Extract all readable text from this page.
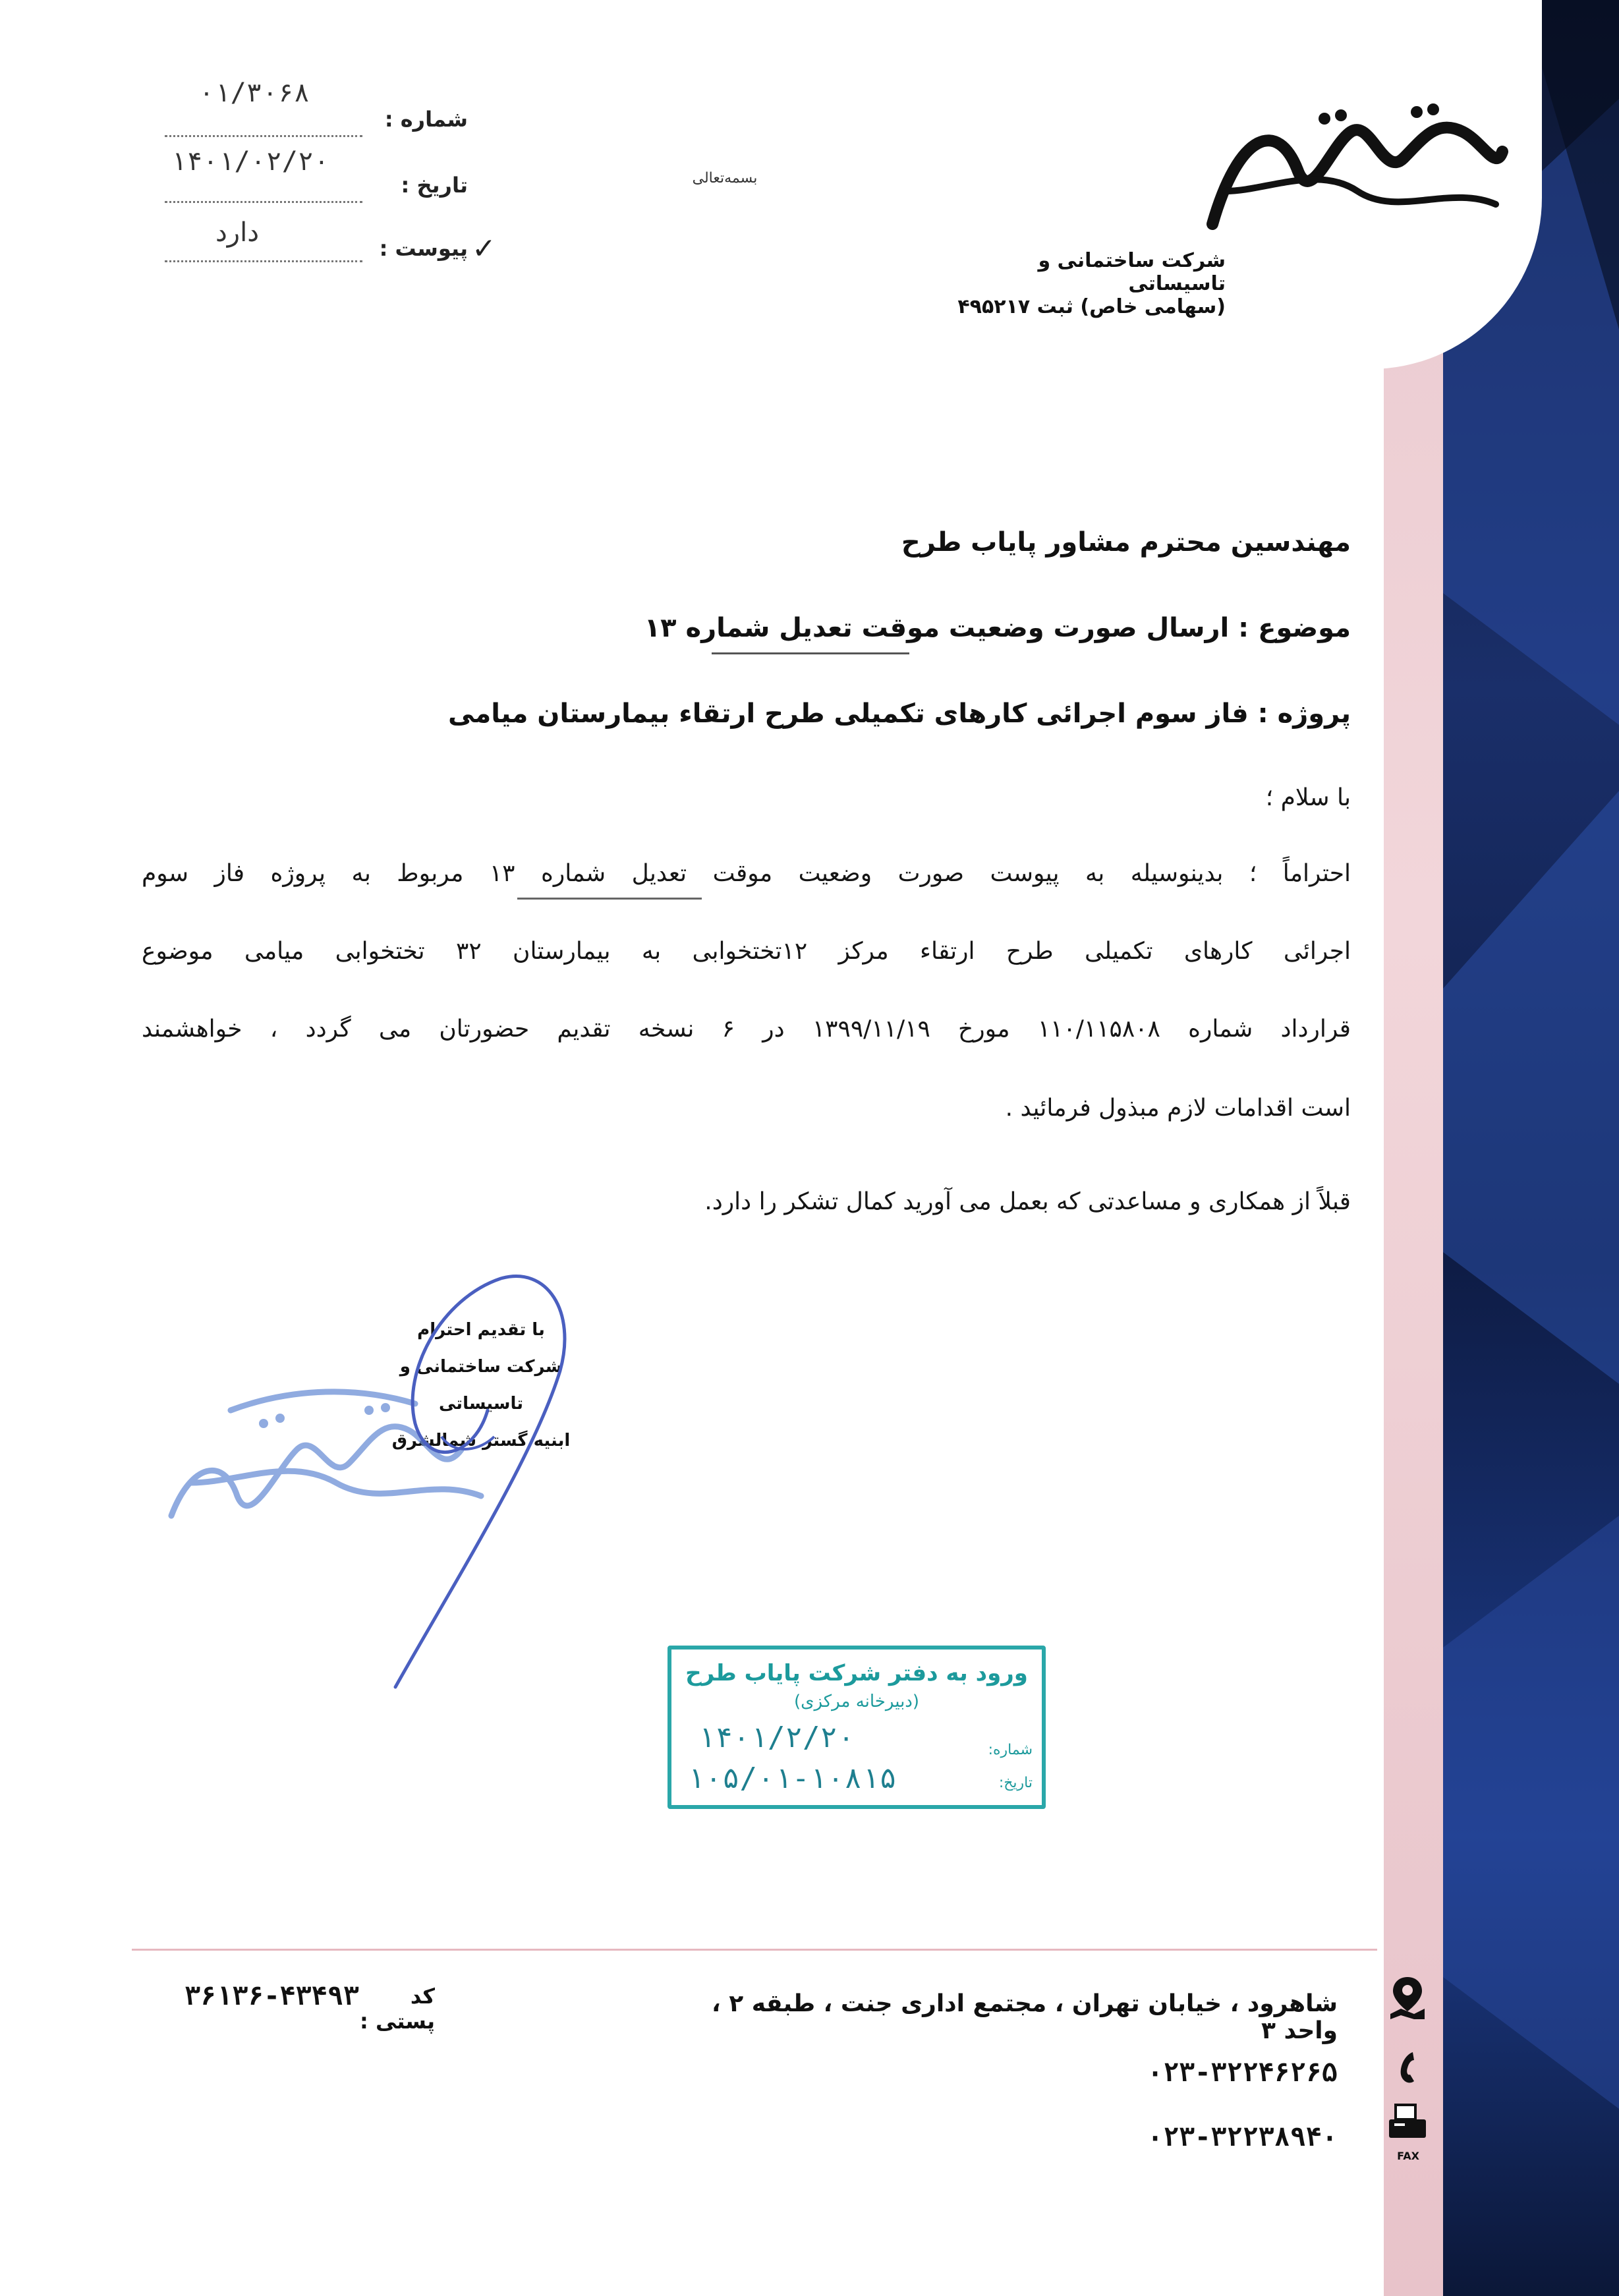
شرکت ساختمانی و تاسیساتی
(سهامی خاص) ثبت ۴۹۵۲۱۷
بسمه‌تعالی
شماره :
۰۱/۳۰۶۸
تاریخ :
۱۴۰۱/۰۲/۲۰
پیوست : ✓
دارد
مهندسین محترم مشاور پایاب طرح
موضوع : ارسال صورت وضعیت موقت تعدیل شماره ۱۳
پروژه : فاز سوم اجرائی کارهای تکمیلی طرح ارتقاء بیمارستان میامی
با سلام ؛
احتراماً ؛ بدینوسیله به پیوست صورت وضعیت موقت تعدیل شماره ۱۳ مربوط به پروژه فاز سوم
اجرائی کارهای تکمیلی طرح ارتقاء مرکز ۱۲تختخوابی به بیمارستان ۳۲ تختخوابی میامی موضوع
قرارداد شماره ۱۱۰/۱۱۵۸۰۸ مورخ ۱۳۹۹/۱۱/۱۹ در ۶ نسخه تقدیم حضورتان می گردد ، خواهشمند
است اقدامات لازم مبذول فرمائید .
قبلاً از همکاری و مساعدتی که بعمل می آورید کمال تشکر را دارد.
با تقدیم احترام
شرکت ساختمانی و تاسیساتی
ابنیه گستر شمالشرق
ورود به دفتر شرکت پایاب طرح
(دبیرخانه مرکزی)
شماره:
تاریخ:
۱۴۰۱/۲/۲۰
۱۰۵/۰۱-۱۰۸۱۵
شاهرود ، خیابان تهران ، مجتمع اداری جنت ، طبقه ۲ ، واحد ۳
کد پستی :
۳۶۱۳۶-۴۳۴۹۳
۰۲۳-۳۲۲۴۶۲۶۵
۰۲۳-۳۲۲۳۸۹۴۰
FAX
